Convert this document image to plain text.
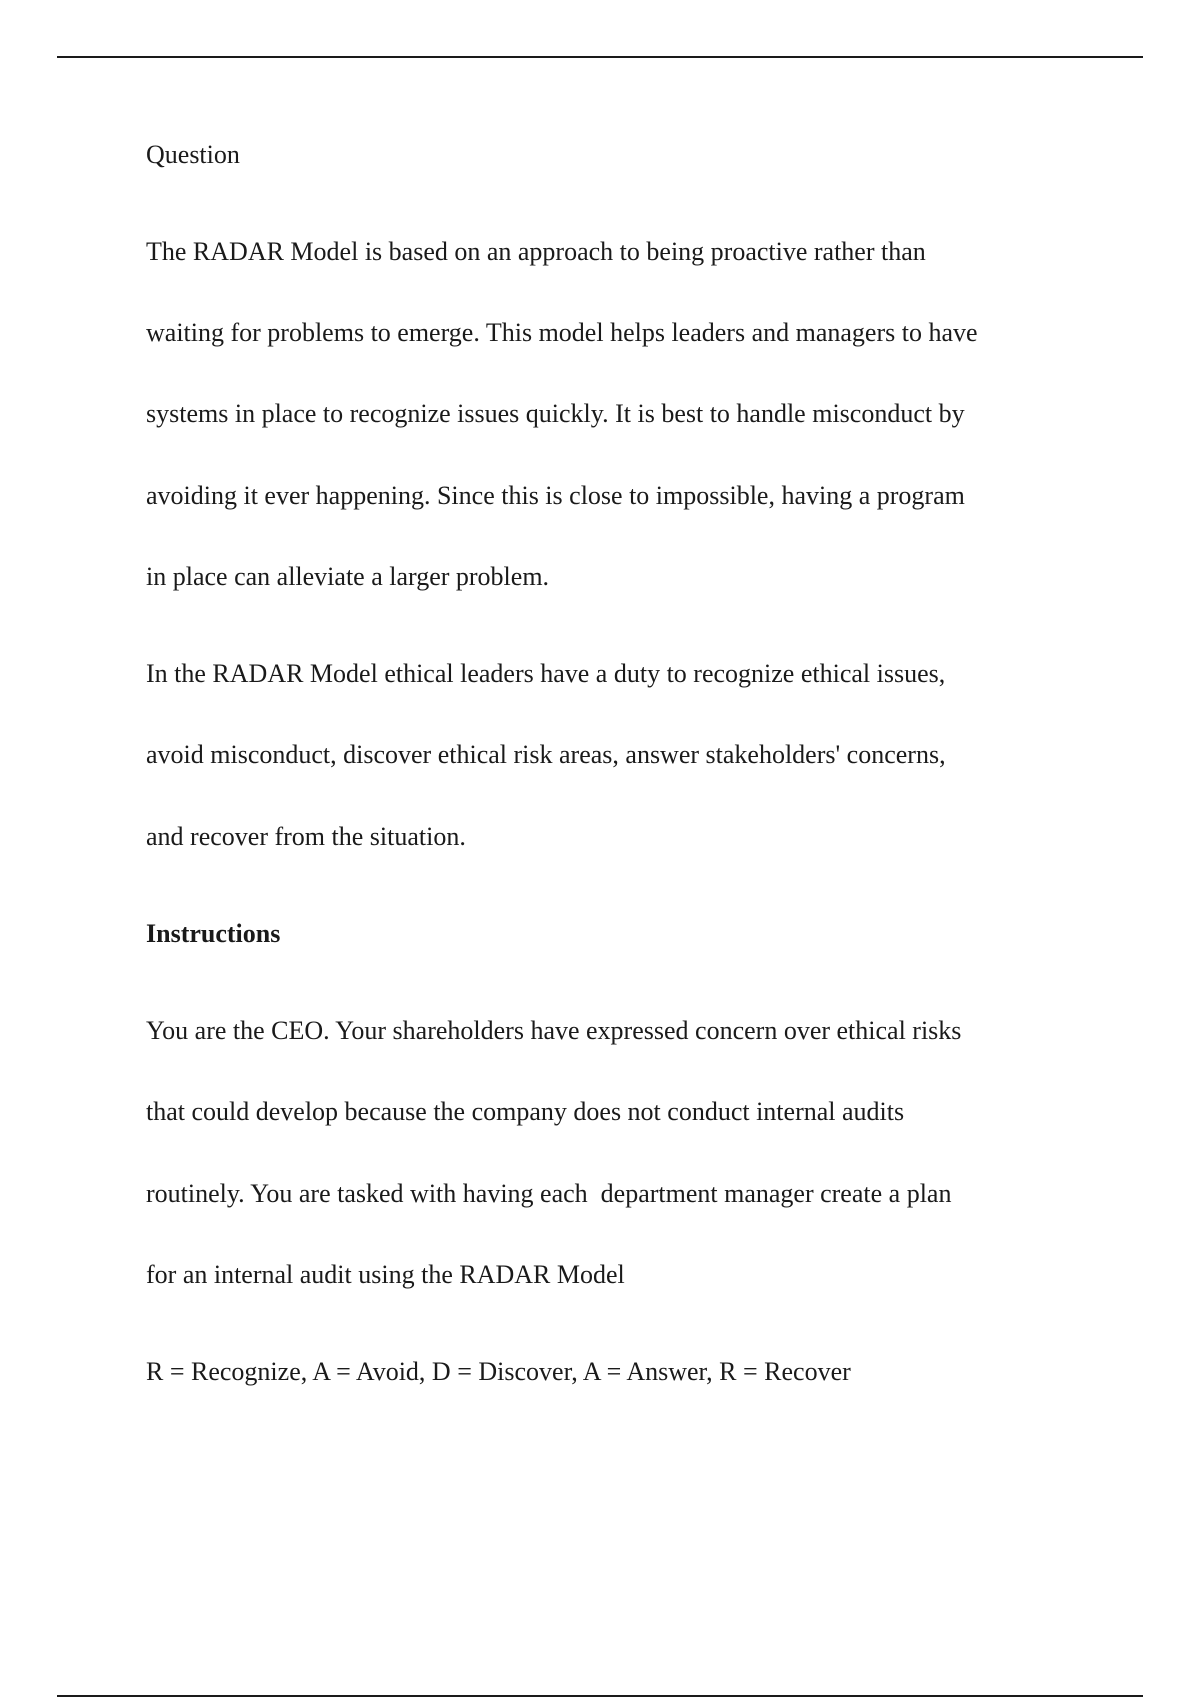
Question
The RADAR Model is based on an approach to being proactive rather than
waiting for problems to emerge. This model helps leaders and managers to have
systems in place to recognize issues quickly. It is best to handle misconduct by
avoiding it ever happening. Since this is close to impossible, having a program
in place can alleviate a larger problem.
In the RADAR Model ethical leaders have a duty to recognize ethical issues,
avoid misconduct, discover ethical risk areas, answer stakeholders' concerns,
and recover from the situation.
Instructions
You are the CEO. Your shareholders have expressed concern over ethical risks
that could develop because the company does not conduct internal audits
routinely. You are tasked with having each  department manager create a plan
for an internal audit using the RADAR Model
R = Recognize, A = Avoid, D = Discover, A = Answer, R = Recover
